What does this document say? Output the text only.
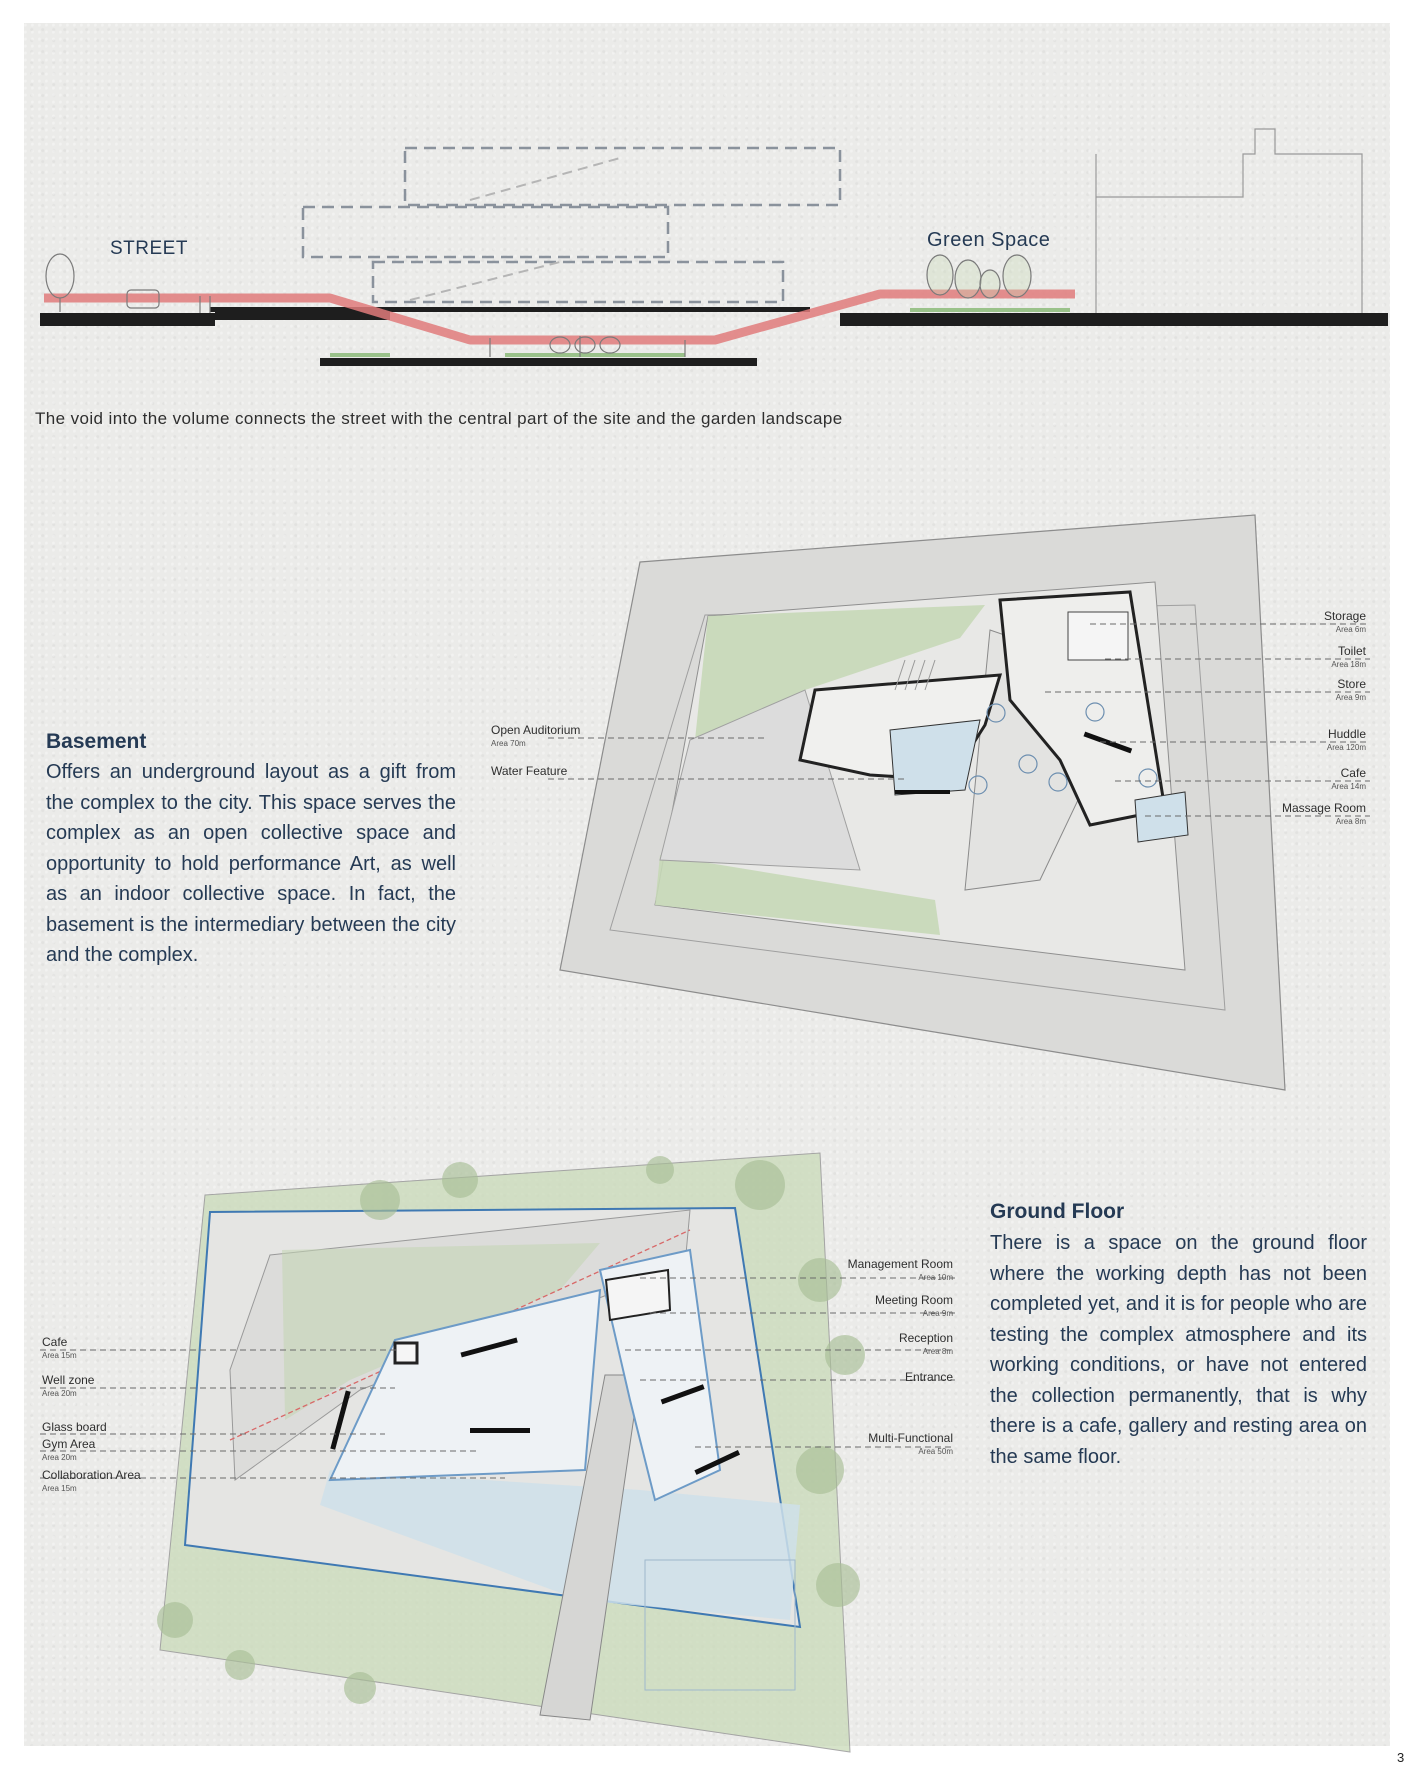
STREET	Green Space
The void into the volume connects the street with the central part of the site and the garden landscape
Basement
Offers an underground layout as a gift from the complex to the city. This space serves the complex as an open collective space and opportunity to hold performance Art, as well as an indoor collective space. In fact, the basement is the intermediary between the city and the complex.
Open Auditorium
Area 70m
Water Feature
Storage
Area 6m
Toilet
Area 18m
Store
Area 9m
Huddle
Area 120m
Cafe
Area 14m
Massage Room
Area 8m
Ground Floor
There is a space on the ground floor where the working depth has not been completed yet, and it is for people who are testing the complex atmosphere and its working conditions, or have not entered the collection permanently, that is why there is a cafe, gallery and resting area on the same floor.
Cafe
Area 15m
Well zone
Area 20m
Glass board
Gym Area
Area 20m
Collaboration Area
Area 15m
Management Room
Area 10m
Meeting Room
Area 9m
Reception
Area 8m
Entrance
Multi-Functional
Area 50m
3
